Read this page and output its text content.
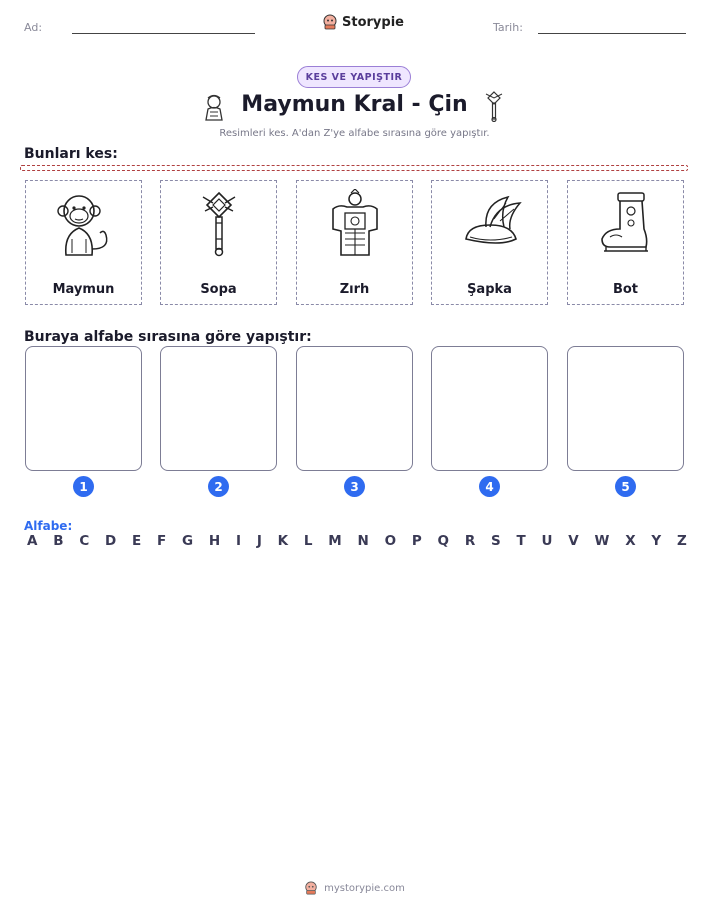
Ad:	Storypie	Tarih:
KES VE YAPIŞTIR
Maymun Kral - Çin
Resimleri kes. A'dan Z'ye alfabe sırasına göre yapıştır.
Bunları kes:
Maymun	Sopa	Zırh	Şapka	Bot
Buraya alfabe sırasına göre yapıştır:
1	2	3	4	5
Alfabe:
A B C D E F G H I J K L M N O P Q R S T U V W X Y Z
mystorypie.com
